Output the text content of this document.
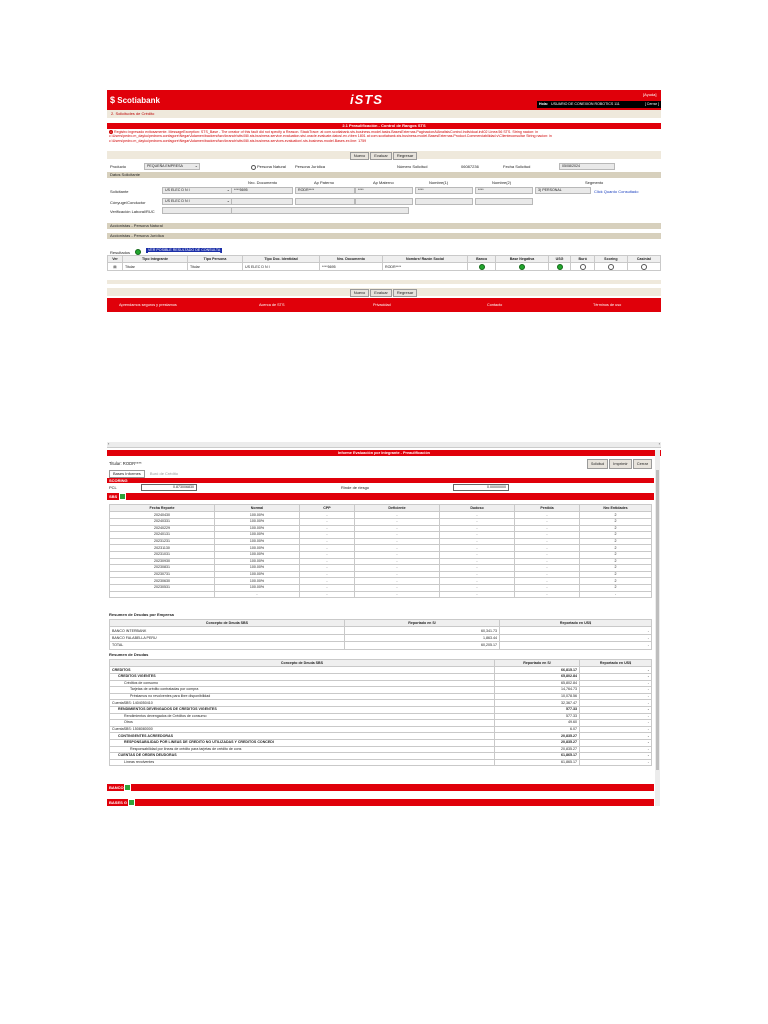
$ Scotiabank	iSTS	[Ayuda]
Hola: USUARIO DE CONEXION ROBOTICS 111	[ Cerrar ]
2. Solicitudes de Crédito
2.1 Preaulificación - Control de Rangos STS
× Registro ingresado exitosamente. MessageException: STS_Base - The creator of this fault did not specify a Reason. StackTrace: at com.scotiabank.sts.business.model.tasks.BasesExternas.PaginacionAtAnalisisControl.Individual.in402 Linea:56 STS. String nacion: in c:\Users\pedro.m_dayku\pedrorw.confagore\Negar\Adamen\backend\src\branch\stts\08\.sts.business.service.evaluation.sts\.oracle.evaluate.datos\.ex.v\ben 1801 at com.scotiabank.sts.business.model.BasesExternas.Product.Commerciabilidad.v\Clienteconsultar String nacion: in c:\Users\pedro.m_dayku\pedrorw.confagore\Negar\Adamen\backend\src\branch\stts\08\.sts.business.services.evaluation\.sts.business.model.Bases.ex.line: 1759
Nuevo Evaluar Regresar
Producto	PEQUEÑA EMPRESA	⌄	Persona Natural Persona Jurídica	Número Solicitud	06087236	Fecha Solicitud	05/08/2024
Datos Solicitante
Nro. Documento	Ap Paterno	Ap Materno	Nombre(1)	Nombre(2)	Segmento
Solicitante	US ELEC D N I	⌄ ****5695	RODR****	****	****	****	3) PERSONAL	Click Quardo Consultado
Cónyuge/Conductor	US ELEC D N I	⌄
Verificación Laboral/RUC
Accionistas - Persona Natural
Accionistas - Persona Jurídica
Resultados	VER POSIBLE RESULTADO DE CONSULTA
Ver	Tipo Integrante	Tipo Persona	Tipo Doc. Identidad	Nro. Documento	Nombre/ Razón Social	Banco	Base Negativa	USG	Buró	Scoring	Casinial
▤	Titular	Titular	US ELEC D N I	****5695	RODR****						
Nuevo Evaluar Regresar
Aprendamos seguros y prestamos	Acerca de STS	Privacidad	Contacto	Términos de uso
‹	›
Informe Evaluación por Integrante - Preaulificación
Titular: RODR****	Solicitud Imprimir Cerrar
Bases Informes Buró de Crédito
SCORING
PCL	0.873006830	Rinde de riesgo	0.00000000
SBS
Fecha Reporte	Normal	CPP	Deficiente	Dudoso	Perdida	Nro Entidades
20240430	100.00%	-	-	-	-	2
20240331	100.00%	-	-	-	-	2
20240229	100.00%	-	-	-	-	2
20240131	100.00%	-	-	-	-	2
20231231	100.00%	-	-	-	-	2
20231130	100.00%	-	-	-	-	2
20231031	100.00%	-	-	-	-	2
20230930	100.00%	-	-	-	-	2
20230831	100.00%	-	-	-	-	2
20230731	100.00%	-	-	-	-	2
20230630	100.00%	-	-	-	-	2
20230531	100.00%	-	-	-	-	2
	-	-	-	-	-	-
Resumen de Deudas por Empresa
Concepto de Deuda SBS	Reportado en S/	Reportado en US$
BANCO INTERBANK	60,341.73	-
BANCO FALABELLA PERU	1,863.44	-
TOTAL	60,205.17	-
Resumen de Deudas
Concepto de Deuda SBS	Reportado en S/	Reportado en US$
CREDITOS	66,815.17	-
CREDITOS VIGENTES	65,802.84	-
Créditos de consumo	65,802.84	-
Tarjetas de crédito contratadas por compra	14,764.73	-
Préstamos no revolventes para libre disponibilidad	10,078.56	-
CuentaSBS: 1404050410	32,367.47	-
RENDIMIENTOS DEVENGADOS DE CREDITOS VIGENTES	577.33	-
Rendimientos devengados de Créditos de consumo	577.33	-
Otros	49.60	-
CuentaSBS: 1508080000	6.07	-
CONTINGENTES ACREEDORAS	20,835.27	-
RESPONSABILIDAD POR LINEAS DE CREDITO NO UTILIZADAS Y CREDITOS CONCEDI	20,835.27	-
Responsabilidad por líneas de crédito para tarjetas de crédito de cons	20,835.27	-
CUENTAS DE ORDEN DEUDORAS	61,865.17	-
Líneas revolventes	61,865.17	-
BANCO
BASES G
